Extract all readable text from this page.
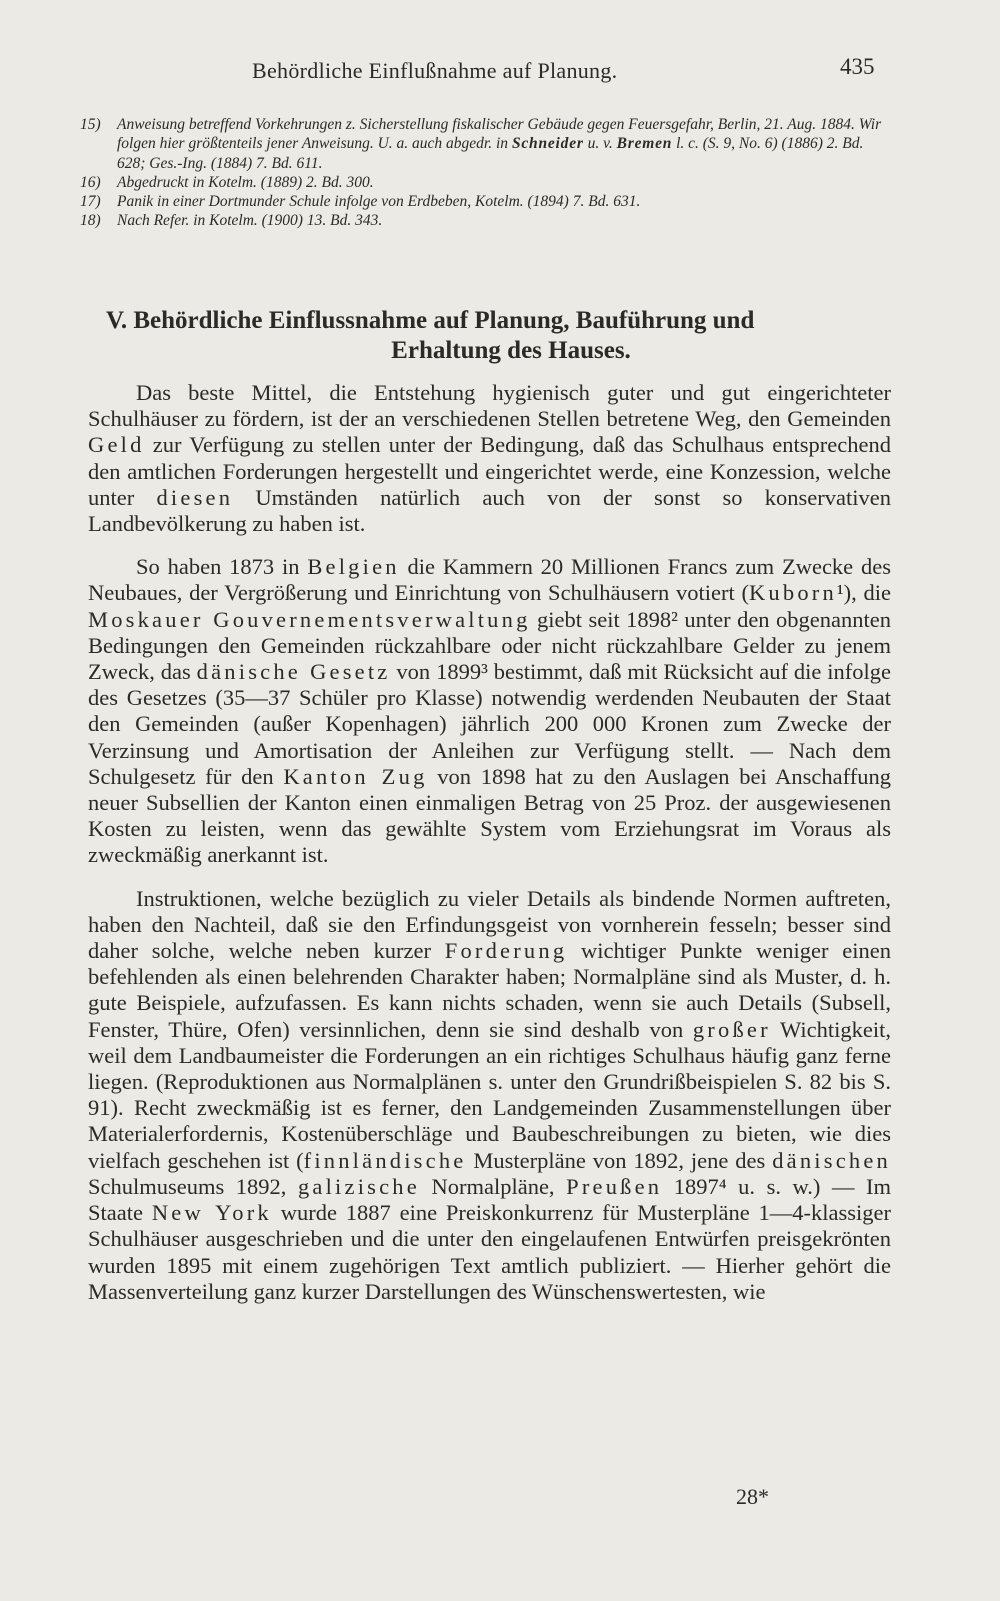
Behördliche Einflußnahme auf Planung.	435

15) Anweisung betreffend Vorkehrungen z. Sicherstellung fiskalischer Gebäude gegen Feuersgefahr, Berlin, 21. Aug. 1884. Wir folgen hier größtenteils jener Anweisung. U. a. auch abgedr. in Schneider u. v. Bremen l. c. (S. 9, No. 6) (1886) 2. Bd. 628; Ges.-Ing. (1884) 7. Bd. 611.

16) Abgedruckt in Kotelm. (1889) 2. Bd. 300.

17) Panik in einer Dortmunder Schule infolge von Erdbeben, Kotelm. (1894) 7. Bd. 631.

18) Nach Refer. in Kotelm. (1900) 13. Bd. 343.

V. Behördliche Einflussnahme auf Planung, Bauführung und
Erhaltung des Hauses.

Das beste Mittel, die Entstehung hygienisch guter und gut eingerichteter Schulhäuser zu fördern, ist der an verschiedenen Stellen betretene Weg, den Gemeinden Geld zur Verfügung zu stellen unter der Bedingung, daß das Schulhaus entsprechend den amtlichen Forderungen hergestellt und eingerichtet werde, eine Konzession, welche unter diesen Umständen natürlich auch von der sonst so konservativen Landbevölkerung zu haben ist.

So haben 1873 in Belgien die Kammern 20 Millionen Francs zum Zwecke des Neubaues, der Vergrößerung und Einrichtung von Schulhäusern votiert (Kuborn¹), die Moskauer Gouvernementsverwaltung giebt seit 1898² unter den obgenannten Bedingungen den Gemeinden rückzahlbare oder nicht rückzahlbare Gelder zu jenem Zweck, das dänische Gesetz von 1899³ bestimmt, daß mit Rücksicht auf die infolge des Gesetzes (35—37 Schüler pro Klasse) notwendig werdenden Neubauten der Staat den Gemeinden (außer Kopenhagen) jährlich 200 000 Kronen zum Zwecke der Verzinsung und Amortisation der Anleihen zur Verfügung stellt. — Nach dem Schulgesetz für den Kanton Zug von 1898 hat zu den Auslagen bei Anschaffung neuer Subsellien der Kanton einen einmaligen Betrag von 25 Proz. der ausgewiesenen Kosten zu leisten, wenn das gewählte System vom Erziehungsrat im Voraus als zweckmäßig anerkannt ist.

Instruktionen, welche bezüglich zu vieler Details als bindende Normen auftreten, haben den Nachteil, daß sie den Erfindungsgeist von vornherein fesseln; besser sind daher solche, welche neben kurzer Forderung wichtiger Punkte weniger einen befehlenden als einen belehrenden Charakter haben; Normalpläne sind als Muster, d. h. gute Beispiele, aufzufassen. Es kann nichts schaden, wenn sie auch Details (Subsell, Fenster, Thüre, Ofen) versinnlichen, denn sie sind deshalb von großer Wichtigkeit, weil dem Landbaumeister die Forderungen an ein richtiges Schulhaus häufig ganz ferne liegen. (Reproduktionen aus Normalplänen s. unter den Grundrißbeispielen S. 82 bis S. 91). Recht zweckmäßig ist es ferner, den Landgemeinden Zusammenstellungen über Materialerfordernis, Kostenüberschläge und Baubeschreibungen zu bieten, wie dies vielfach geschehen ist (finnländische Musterpläne von 1892, jene des dänischen Schulmuseums 1892, galizische Normalpläne, Preußen 1897⁴ u. s. w.) — Im Staate New York wurde 1887 eine Preiskonkurrenz für Musterpläne 1—4-klassiger Schulhäuser ausgeschrieben und die unter den eingelaufenen Entwürfen preisgekrönten wurden 1895 mit einem zugehörigen Text amtlich publiziert. — Hierher gehört die Massenverteilung ganz kurzer Darstellungen des Wünschenswertesten, wie

28*
